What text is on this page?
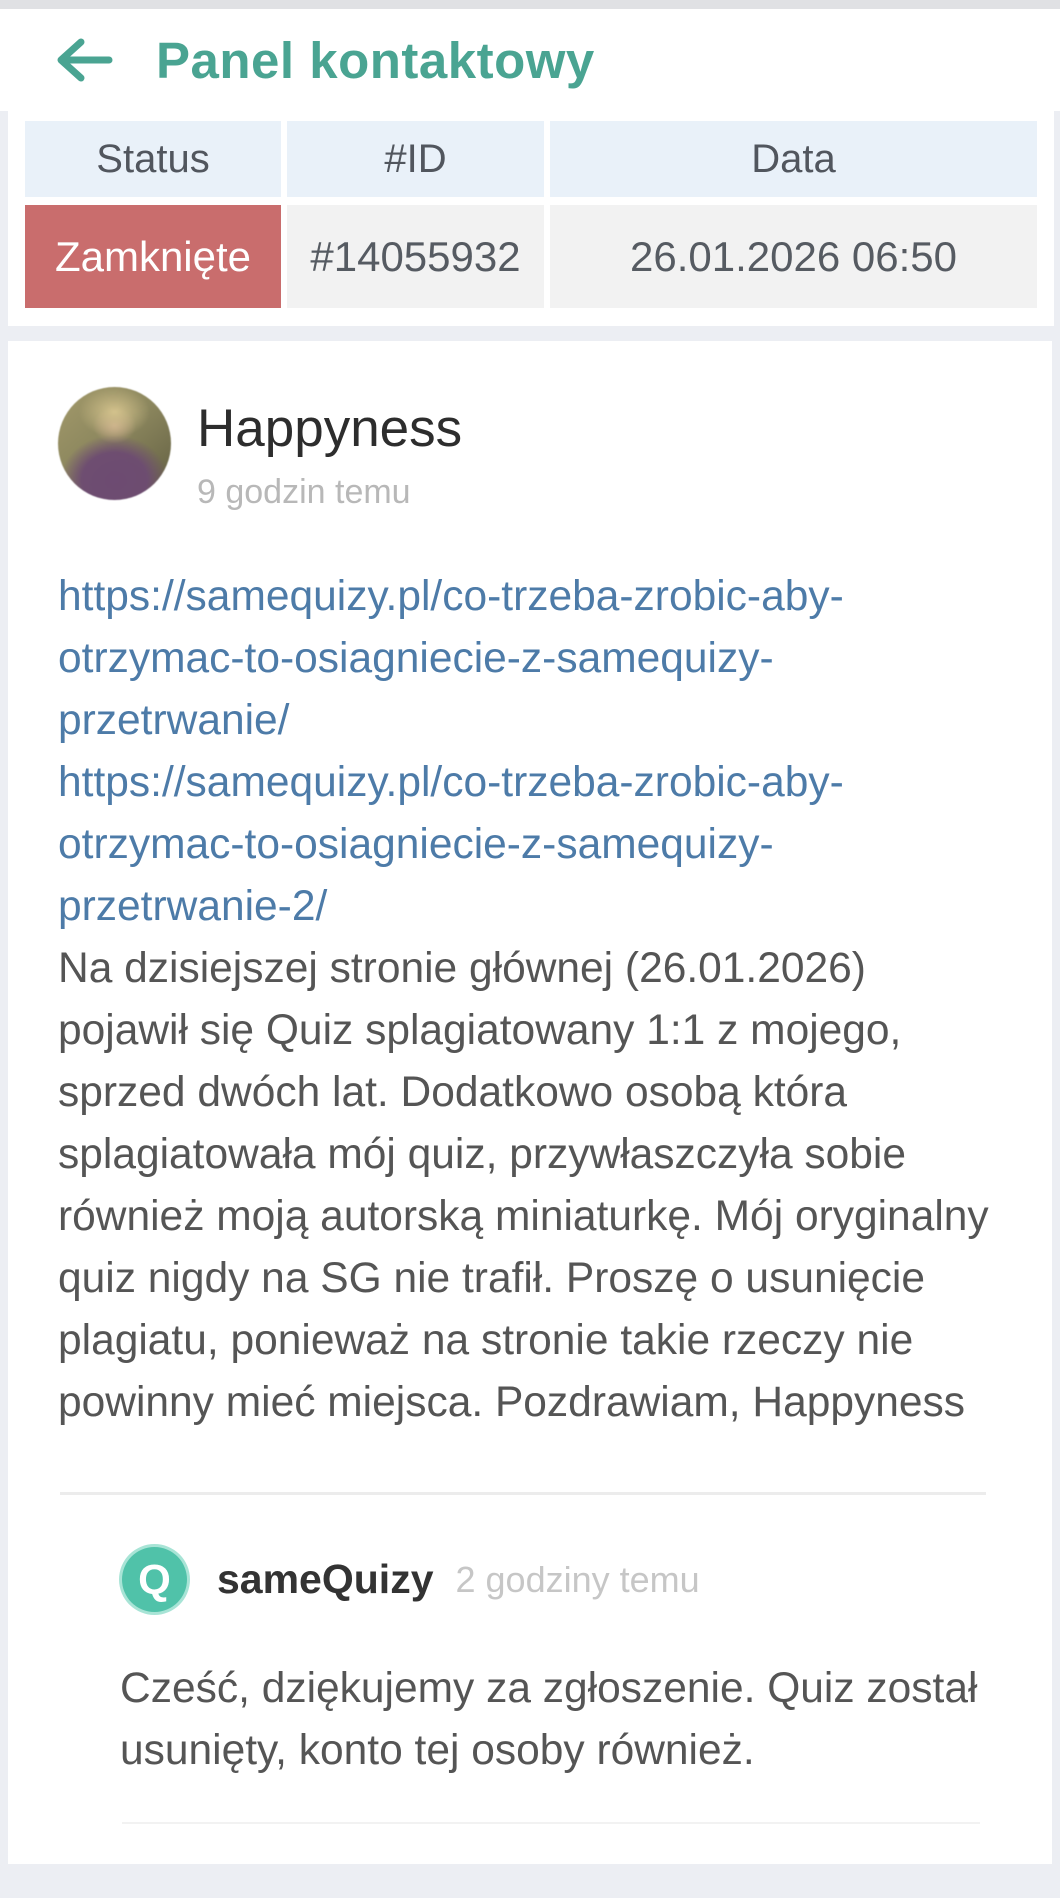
Panel kontaktowy
Status	#ID	Data
Zamknięte	#14055932	26.01.2026 06:50
Happyness
9 godzin temu
https://samequizy.pl/co-trzeba-zrobic-aby-otrzymac-to-osiagniecie-z-samequizy-przetrwanie/
https://samequizy.pl/co-trzeba-zrobic-aby-otrzymac-to-osiagniecie-z-samequizy-przetrwanie-2/

Na dzisiejszej stronie głównej (26.01.2026) pojawił się Quiz splagiatowany 1:1 z mojego, sprzed dwóch lat. Dodatkowo osobą która splagiatowała mój quiz, przywłaszczyła sobie również moją autorską miniaturkę. Mój oryginalny quiz nigdy na SG nie trafił. Proszę o usunięcie plagiatu, ponieważ na stronie takie rzeczy nie powinny mieć miejsca. Pozdrawiam, Happyness

Q sameQuizy 2 godziny temu

Cześć, dziękujemy za zgłoszenie. Quiz został usunięty, konto tej osoby również.
